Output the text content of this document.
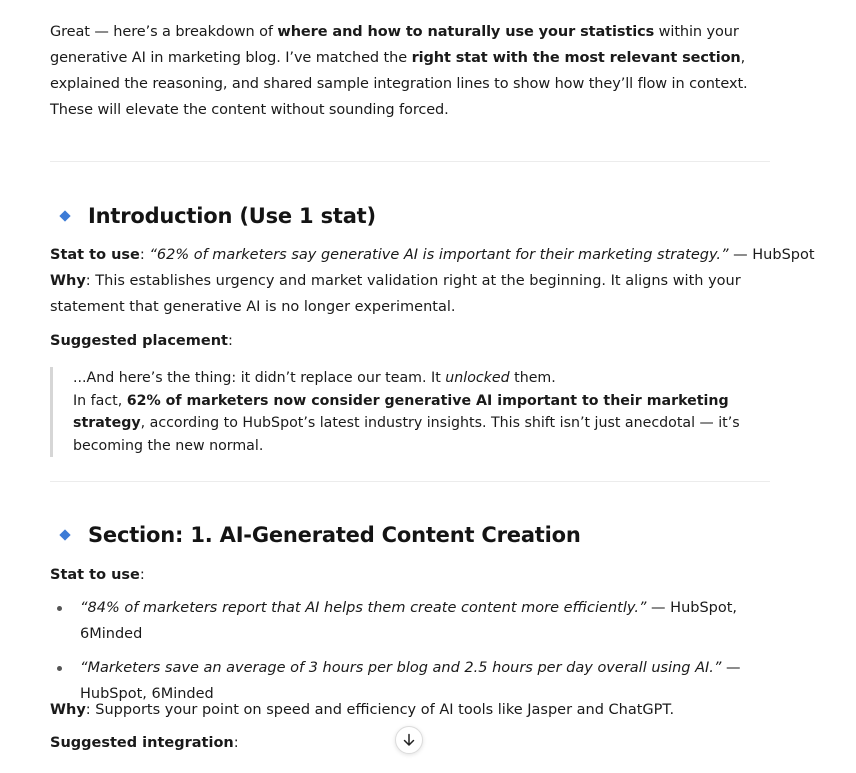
Great — here’s a breakdown of where and how to naturally use your statistics within your generative AI in marketing blog. I’ve matched the right stat with the most relevant section, explained the reasoning, and shared sample integration lines to show how they’ll flow in context. These will elevate the content without sounding forced.

Introduction (Use 1 stat)

Stat to use: “62% of marketers say generative AI is important for their marketing strategy.” — HubSpot

Why: This establishes urgency and market validation right at the beginning. It aligns with your statement that generative AI is no longer experimental.

Suggested placement:

...And here’s the thing: it didn’t replace our team. It unlocked them.

In fact, 62% of marketers now consider generative AI important to their marketing strategy, according to HubSpot’s latest industry insights. This shift isn’t just anecdotal — it’s becoming the new normal.

Section: 1. AI-Generated Content Creation

Stat to use:

“84% of marketers report that AI helps them create content more efficiently.” — HubSpot, 6Minded
“Marketers save an average of 3 hours per blog and 2.5 hours per day overall using AI.” — HubSpot, 6Minded

Why: Supports your point on speed and efficiency of AI tools like Jasper and ChatGPT.

Suggested integration:
